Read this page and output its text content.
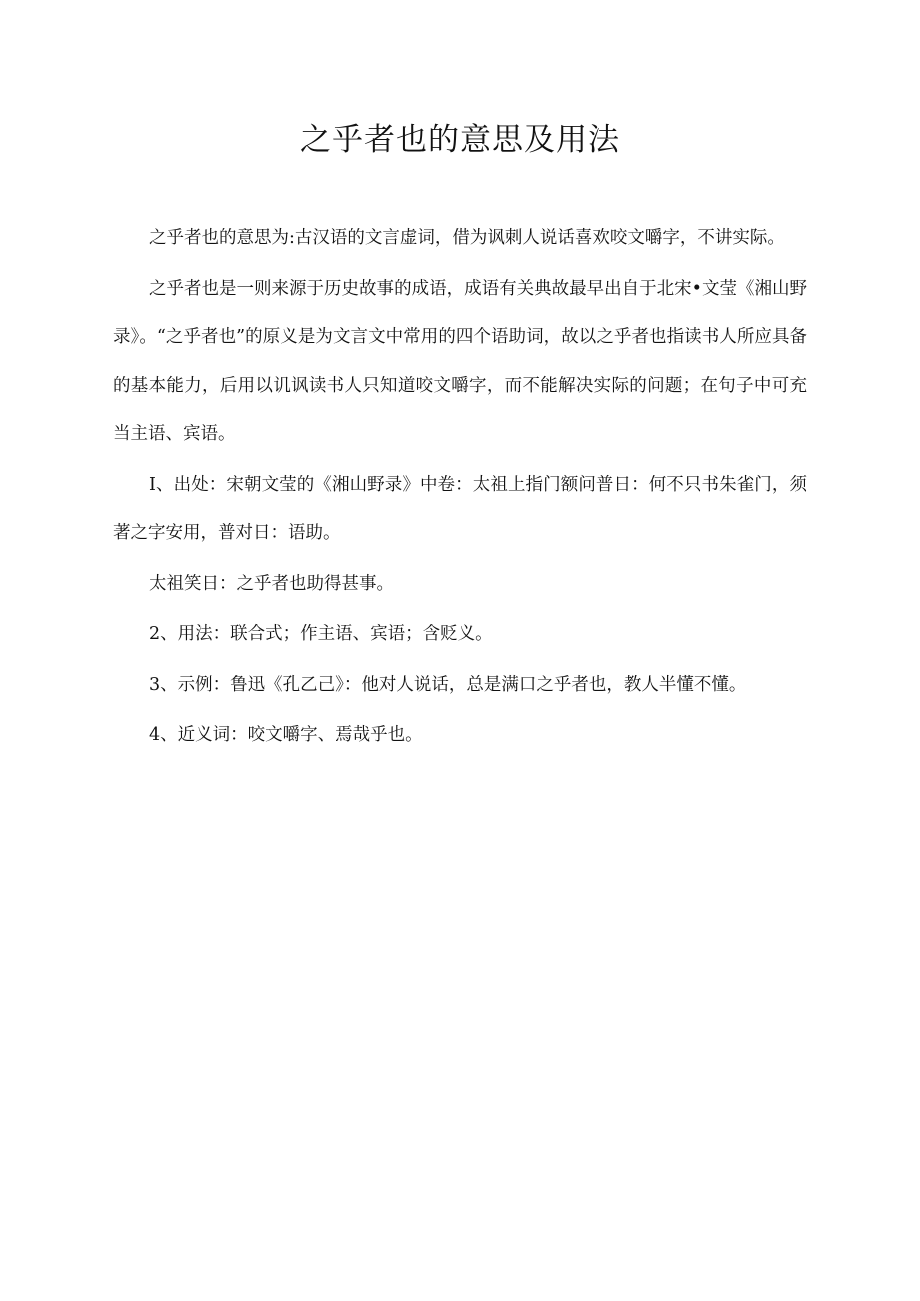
之乎者也的意思及用法

之乎者也的意思为:古汉语的文言虚词，借为讽刺人说话喜欢咬文嚼字，不讲实际。

之乎者也是一则来源于历史故事的成语，成语有关典故最早出自于北宋•文莹《湘山野录》。“之乎者也”的原义是为文言文中常用的四个语助词，故以之乎者也指读书人所应具备的基本能力，后用以讥讽读书人只知道咬文嚼字，而不能解决实际的问题；在句子中可充当主语、宾语。

I、出处：宋朝文莹的《湘山野录》中卷：太祖上指门额问普日：何不只书朱雀门，须著之字安用，普对日：语助。

太祖笑日：之乎者也助得甚事。

2、用法：联合式；作主语、宾语；含贬义。

3、示例：鲁迅《孔乙己》：他对人说话，总是满口之乎者也，教人半懂不懂。

4、近义词：咬文嚼字、焉哉乎也。
